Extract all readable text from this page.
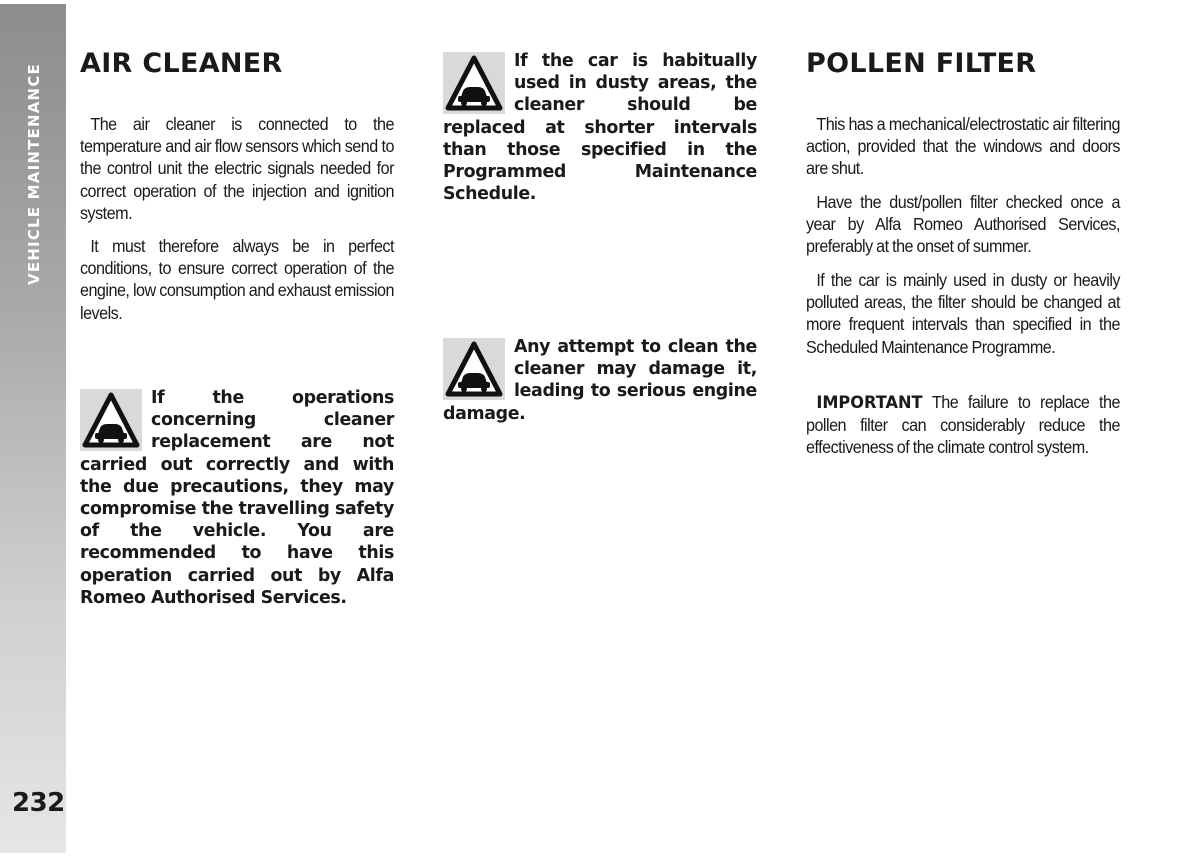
VEHICLE MAINTENANCE
232
AIR CLEANER

The air cleaner is connected to the temperature and air flow sensors which send to the control unit the electric signals needed for correct operation of the injection and ignition system.

It must therefore always be in perfect conditions, to ensure correct operation of the engine, low consumption and exhaust emission levels.

If the operations concerning cleaner replacement are not carried out correctly and with the due precautions, they may compromise the travelling safety of the vehicle. You are recommended to have this operation carried out by Alfa Romeo Authorised Services.

If the car is habitually used in dusty areas, the cleaner should be replaced at shorter intervals than those specified in the Programmed Maintenance Schedule.

Any attempt to clean the cleaner may damage it, leading to serious engine damage.

POLLEN FILTER

This has a mechanical/electrostatic air filtering action, provided that the windows and doors are shut.

Have the dust/pollen filter checked once a year by Alfa Romeo Authorised Services, preferably at the onset of summer.

If the car is mainly used in dusty or heavily polluted areas, the filter should be changed at more frequent intervals than specified in the Scheduled Maintenance Programme.

IMPORTANT The failure to replace the pollen filter can considerably reduce the effectiveness of the climate control system.
